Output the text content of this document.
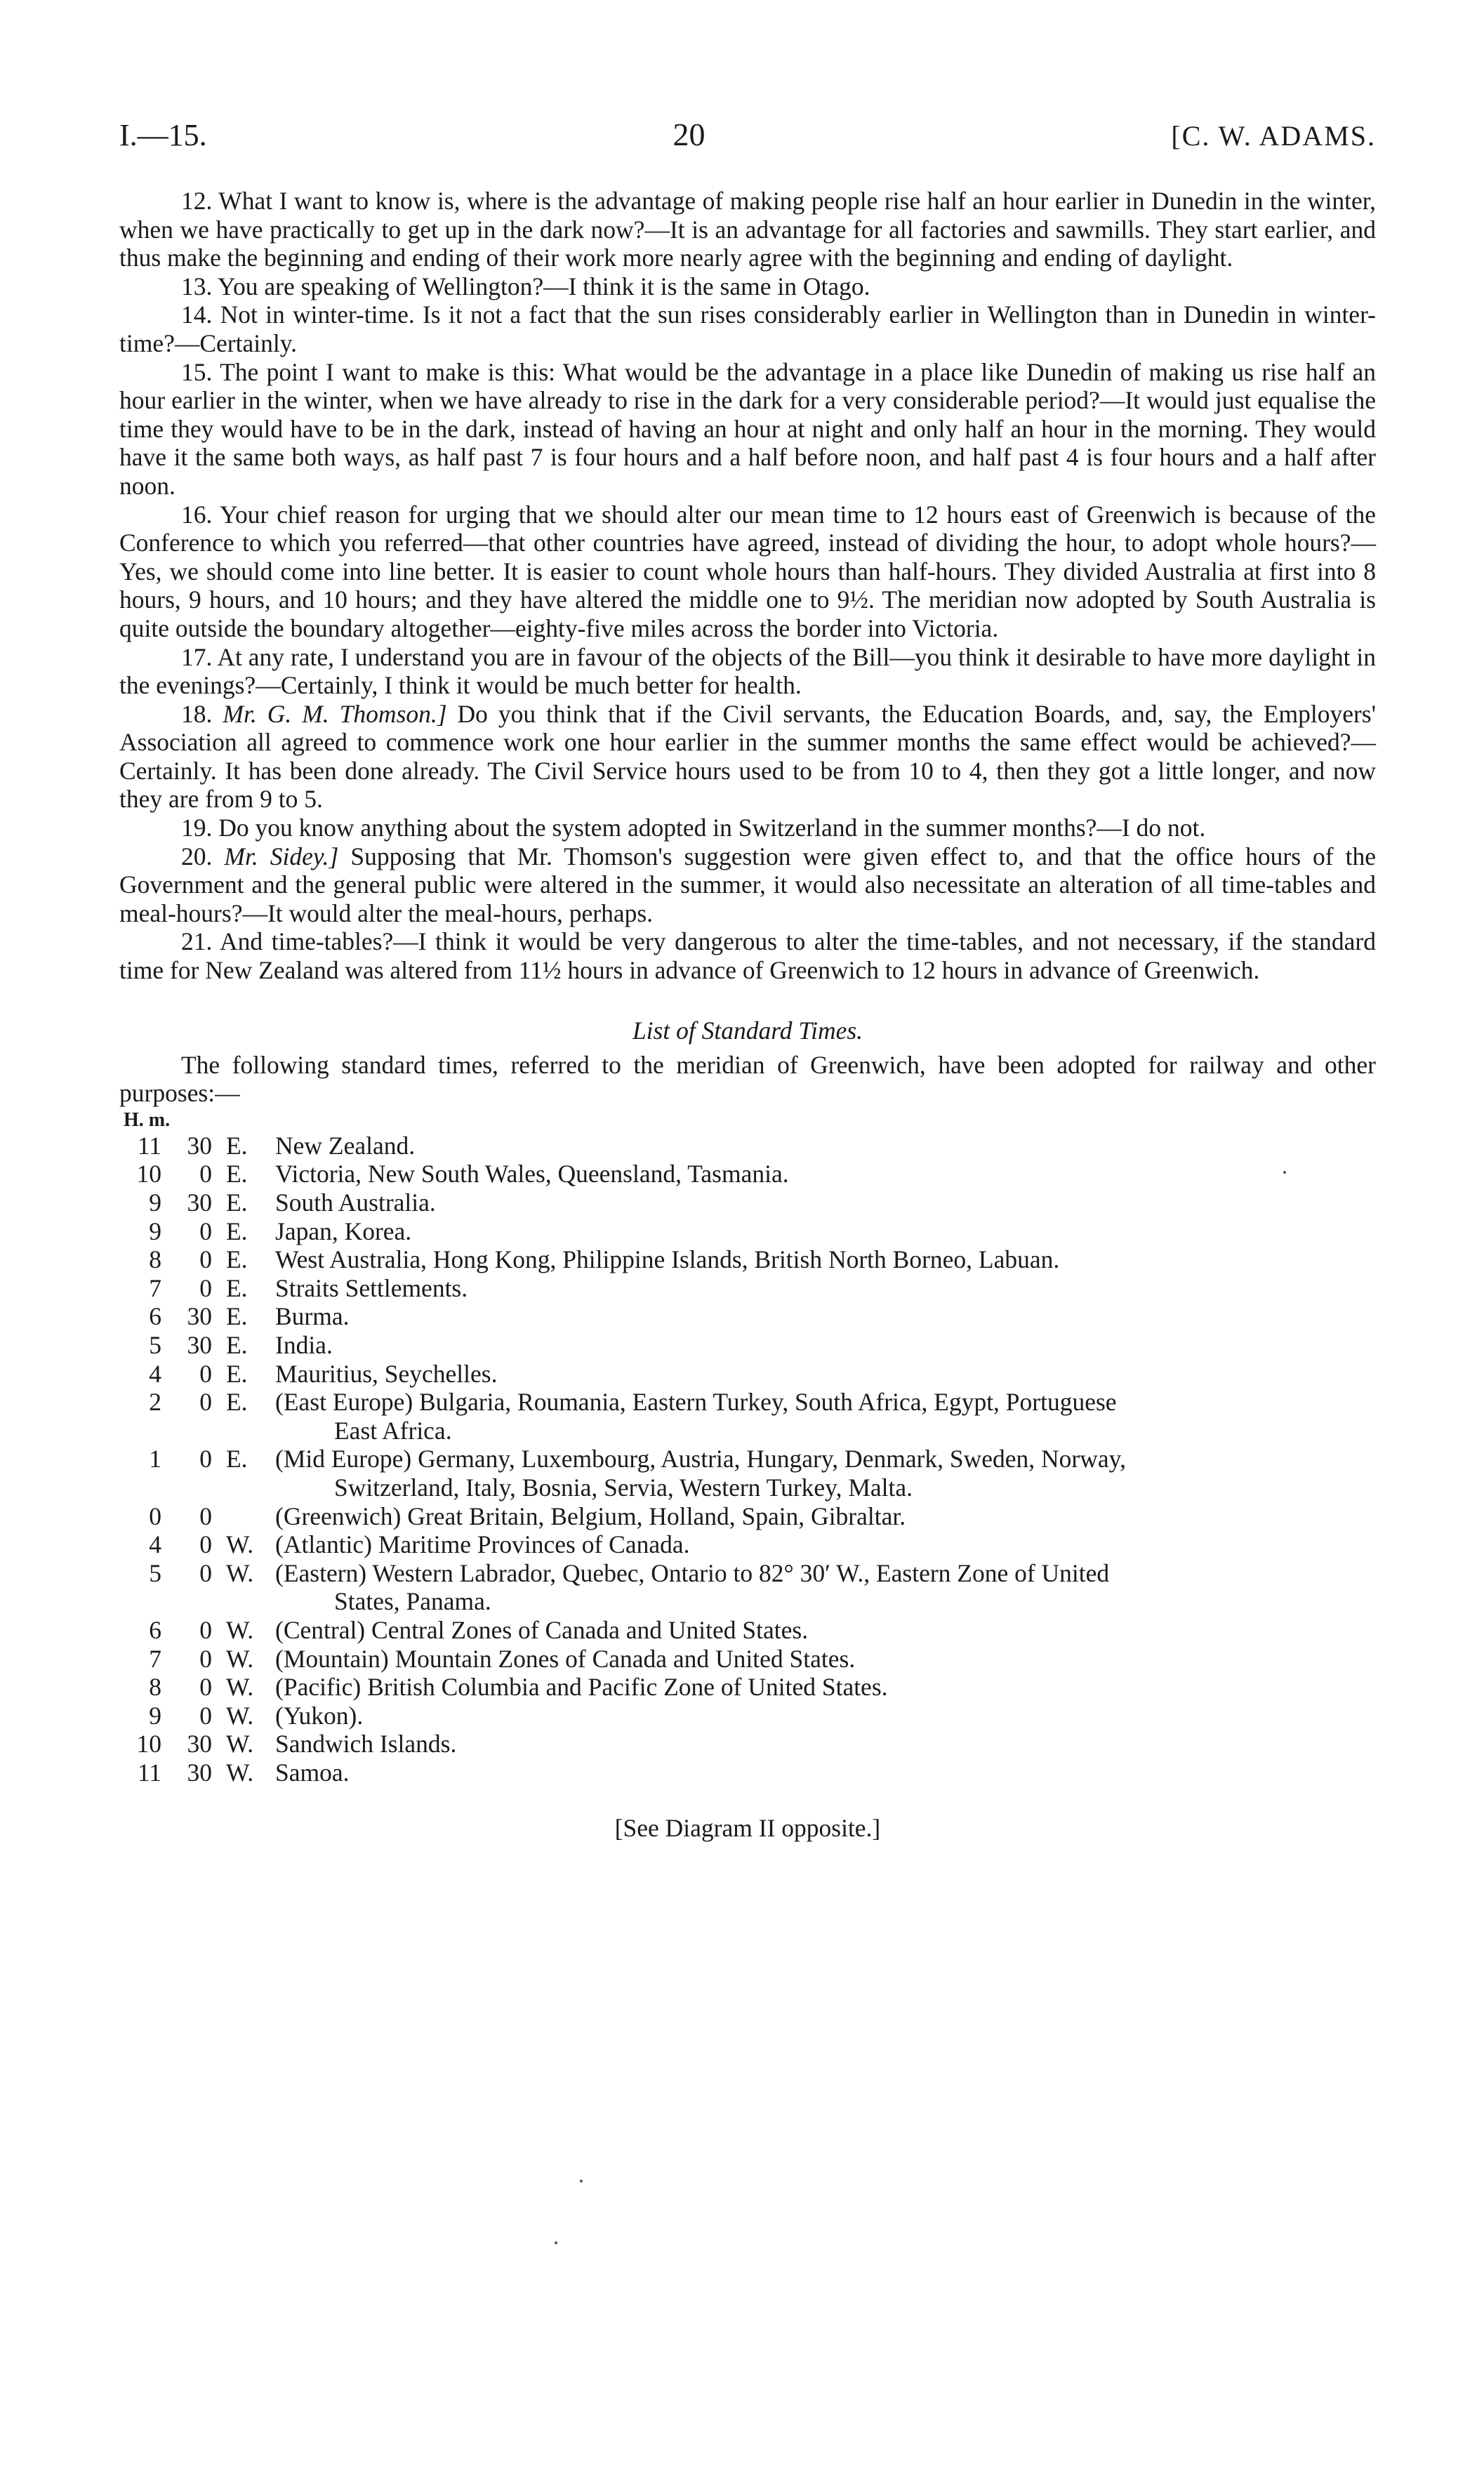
I.—15.	20	[C. W. ADAMS.

12. What I want to know is, where is the advantage of making people rise half an hour earlier in Dunedin in the winter, when we have practically to get up in the dark now?—It is an advantage for all factories and sawmills. They start earlier, and thus make the beginning and ending of their work more nearly agree with the beginning and ending of daylight.

13. You are speaking of Wellington?—I think it is the same in Otago.

14. Not in winter-time. Is it not a fact that the sun rises considerably earlier in Wellington than in Dunedin in winter-time?—Certainly.

15. The point I want to make is this: What would be the advantage in a place like Dunedin of making us rise half an hour earlier in the winter, when we have already to rise in the dark for a very considerable period?—It would just equalise the time they would have to be in the dark, instead of having an hour at night and only half an hour in the morning. They would have it the same both ways, as half past 7 is four hours and a half before noon, and half past 4 is four hours and a half after noon.

16. Your chief reason for urging that we should alter our mean time to 12 hours east of Greenwich is because of the Conference to which you referred—that other countries have agreed, instead of dividing the hour, to adopt whole hours?—Yes, we should come into line better. It is easier to count whole hours than half-hours. They divided Australia at first into 8 hours, 9 hours, and 10 hours; and they have altered the middle one to 9½. The meridian now adopted by South Australia is quite outside the boundary altogether—eighty-five miles across the border into Victoria.

17. At any rate, I understand you are in favour of the objects of the Bill—you think it desirable to have more daylight in the evenings?—Certainly, I think it would be much better for health.

18. Mr. G. M. Thomson.] Do you think that if the Civil servants, the Education Boards, and, say, the Employers' Association all agreed to commence work one hour earlier in the summer months the same effect would be achieved?—Certainly. It has been done already. The Civil Service hours used to be from 10 to 4, then they got a little longer, and now they are from 9 to 5.

19. Do you know anything about the system adopted in Switzerland in the summer months?—I do not.

20. Mr. Sidey.] Supposing that Mr. Thomson's suggestion were given effect to, and that the office hours of the Government and the general public were altered in the summer, it would also necessitate an alteration of all time-tables and meal-hours?—It would alter the meal-hours, perhaps.

21. And time-tables?—I think it would be very dangerous to alter the time-tables, and not necessary, if the standard time for New Zealand was altered from 11½ hours in advance of Greenwich to 12 hours in advance of Greenwich.

List of Standard Times.

The following standard times, referred to the meridian of Greenwich, have been adopted for railway and other purposes:—

H. m.
11	30 E.	New Zealand.
10	0 E.	Victoria, New South Wales, Queensland, Tasmania.
9	30 E.	South Australia.
9	0 E.	Japan, Korea.
8	0 E.	West Australia, Hong Kong, Philippine Islands, British North Borneo, Labuan.
7	0 E.	Straits Settlements.
6	30 E.	Burma.
5	30 E.	India.
4	0 E.	Mauritius, Seychelles.
2	0 E.	(East Europe) Bulgaria, Roumania, Eastern Turkey, South Africa, Egypt, Portuguese
East Africa.
1	0 E.	(Mid Europe) Germany, Luxembourg, Austria, Hungary, Denmark, Sweden, Norway,
Switzerland, Italy, Bosnia, Servia, Western Turkey, Malta.
0	0	(Greenwich) Great Britain, Belgium, Holland, Spain, Gibraltar.
4	0 W. (Atlantic) Maritime Provinces of Canada.
5	0 W. (Eastern) Western Labrador, Quebec, Ontario to 82° 30′ W., Eastern Zone of United
States, Panama.
6	0 W. (Central) Central Zones of Canada and United States.
7	0 W. (Mountain) Mountain Zones of Canada and United States.
8	0 W. (Pacific) British Columbia and Pacific Zone of United States.
9	0 W. (Yukon).
10	30 W. Sandwich Islands.
11	30 W. Samoa.
[See Diagram II opposite.]
